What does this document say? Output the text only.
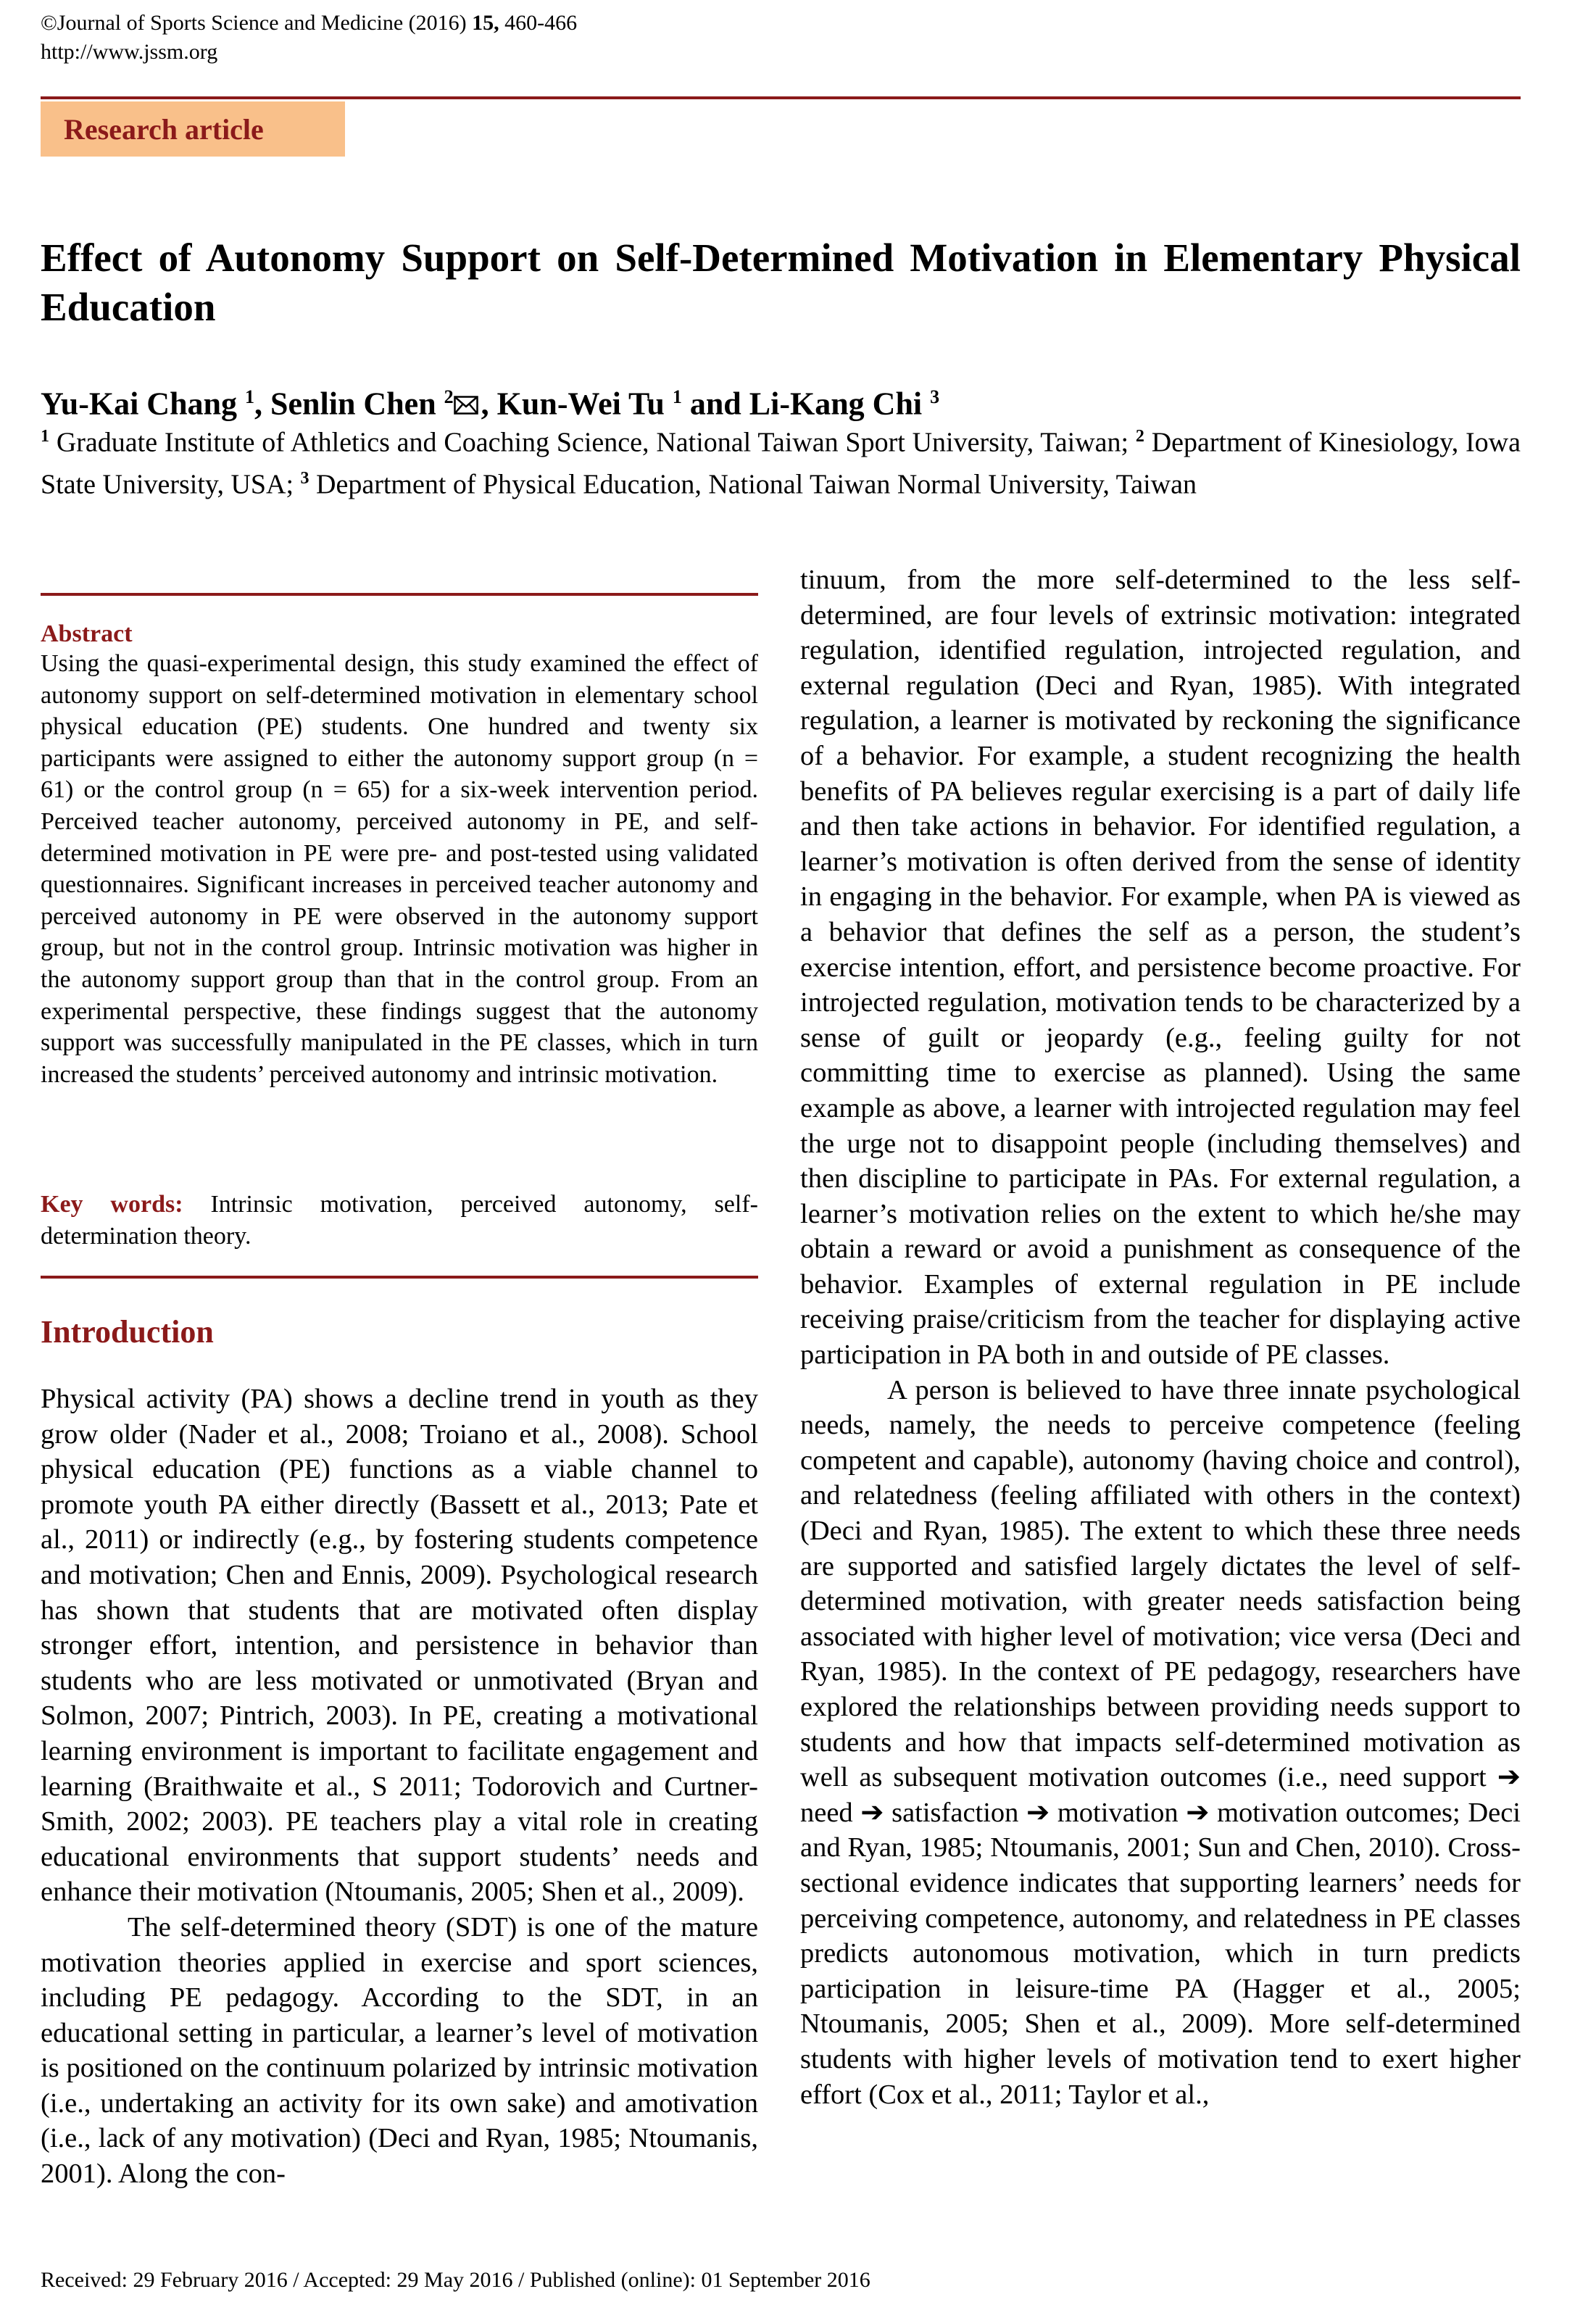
©Journal of Sports Science and Medicine (2016) 15, 460-466
http://www.jssm.org
Research article
Effect of Autonomy Support on Self-Determined Motivation in Elementary Physical Education
Yu-Kai Chang $^1$, Senlin Chen $^2$ , Kun-Wei Tu $^1$ and Li-Kang Chi $^3$
$^1$ Graduate Institute of Athletics and Coaching Science, National Taiwan Sport University, Taiwan; $^2$ Department of Kinesiology, Iowa State University, USA; $^3$ Department of Physical Education, National Taiwan Normal University, Taiwan
Abstract

Using the quasi-experimental design, this study examined the effect of autonomy support on self-determined motivation in elementary school physical education (PE) students. One hundred and twenty six participants were assigned to either the autonomy support group (n = 61) or the control group (n = 65) for a six-week intervention period. Perceived teacher autonomy, perceived autonomy in PE, and self-determined motivation in PE were pre- and post-tested using validated questionnaires. Significant increases in perceived teacher autonomy and perceived autonomy in PE were observed in the autonomy support group, but not in the control group. Intrinsic motivation was higher in the autonomy support group than that in the control group. From an experimental perspective, these findings suggest that the autonomy support was successfully manipulated in the PE classes, which in turn increased the students’ perceived autonomy and intrinsic motivation.

Key words: Intrinsic motivation, perceived autonomy, self-determination theory.

Introduction

Physical activity (PA) shows a decline trend in youth as they grow older (Nader et al., 2008; Troiano et al., 2008). School physical education (PE) functions as a viable channel to promote youth PA either directly (Bassett et al., 2013; Pate et al., 2011) or indirectly (e.g., by fostering students competence and motivation; Chen and Ennis, 2009). Psychological research has shown that students that are motivated often display stronger effort, intention, and persistence in behavior than students who are less motivated or unmotivated (Bryan and Solmon, 2007; Pintrich, 2003). In PE, creating a motivational learning environment is important to facilitate engagement and learning (Braithwaite et al., S 2011; Todorovich and Curtner-Smith, 2002; 2003). PE teachers play a vital role in creating educational environments that support students’ needs and enhance their motivation (Ntoumanis, 2005; Shen et al., 2009).

The self-determined theory (SDT) is one of the mature motivation theories applied in exercise and sport sciences, including PE pedagogy. According to the SDT, in an educational setting in particular, a learner’s level of motivation is positioned on the continuum polarized by intrinsic motivation (i.e., undertaking an activity for its own sake) and amotivation (i.e., lack of any motivation) (Deci and Ryan, 1985; Ntoumanis, 2001). Along the con-

tinuum, from the more self-determined to the less self-determined, are four levels of extrinsic motivation: integrated regulation, identified regulation, introjected regulation, and external regulation (Deci and Ryan, 1985). With integrated regulation, a learner is motivated by reckoning the significance of a behavior. For example, a student recognizing the health benefits of PA believes regular exercising is a part of daily life and then take actions in behavior. For identified regulation, a learner’s motivation is often derived from the sense of identity in engaging in the behavior. For example, when PA is viewed as a behavior that defines the self as a person, the student’s exercise intention, effort, and persistence become proactive. For introjected regulation, motivation tends to be characterized by a sense of guilt or jeopardy (e.g., feeling guilty for not committing time to exercise as planned). Using the same example as above, a learner with introjected regulation may feel the urge not to disappoint people (including themselves) and then discipline to participate in PAs. For external regulation, a learner’s motivation relies on the extent to which he/she may obtain a reward or avoid a punishment as consequence of the behavior. Examples of external regulation in PE include receiving praise/criticism from the teacher for displaying active participation in PA both in and outside of PE classes.

A person is believed to have three innate psychological needs, namely, the needs to perceive competence (feeling competent and capable), autonomy (having choice and control), and relatedness (feeling affiliated with others in the context) (Deci and Ryan, 1985). The extent to which these three needs are supported and satisfied largely dictates the level of self-determined motivation, with greater needs satisfaction being associated with higher level of motivation; vice versa (Deci and Ryan, 1985). In the context of PE pedagogy, researchers have explored the relationships between providing needs support to students and how that impacts self-determined motivation as well as subsequent motivation outcomes (i.e., need support ➔ need ➔ satisfaction ➔ motivation ➔ motivation outcomes; Deci and Ryan, 1985; Ntoumanis, 2001; Sun and Chen, 2010). Cross-sectional evidence indicates that supporting learners’ needs for perceiving competence, autonomy, and relatedness in PE classes predicts autonomous motivation, which in turn predicts participation in leisure-time PA (Hagger et al., 2005; Ntoumanis, 2005; Shen et al., 2009). More self-determined students with higher levels of motivation tend to exert higher effort (Cox et al., 2011; Taylor et al.,

Received: 29 February 2016 / Accepted: 29 May 2016 / Published (online): 01 September 2016
